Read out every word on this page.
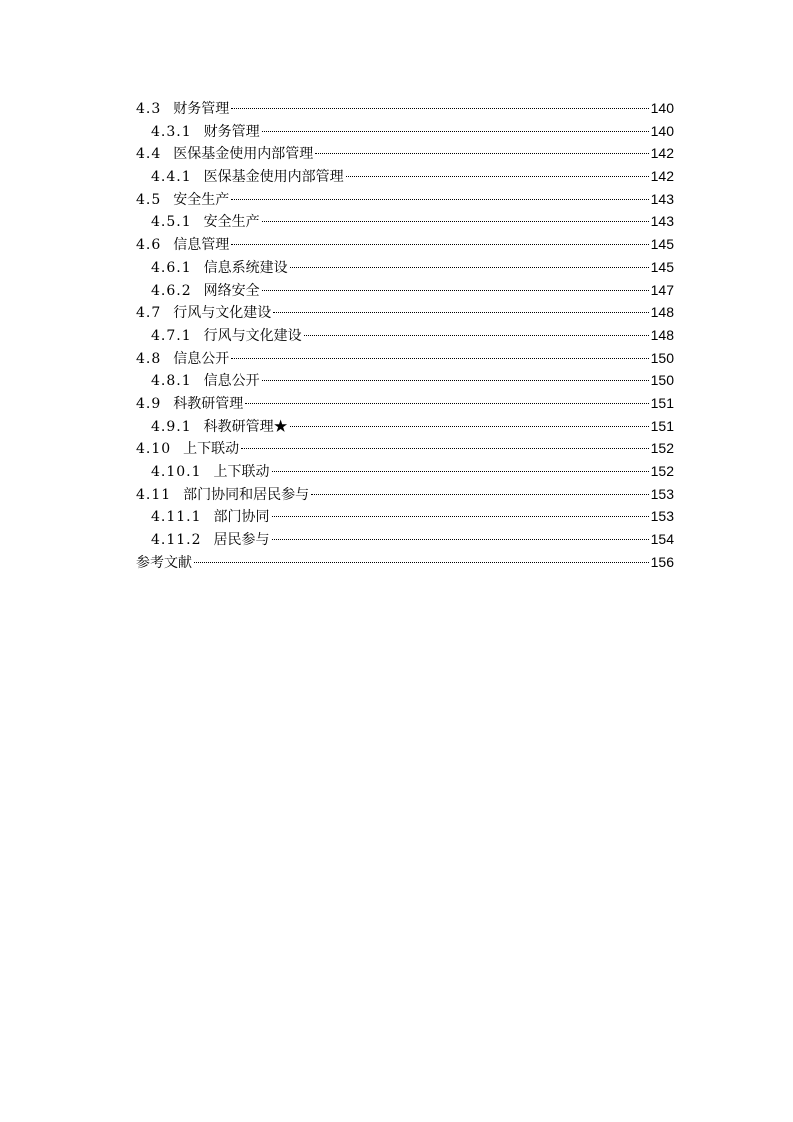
4.3 财务管理	140
4.3.1 财务管理	140
4.4 医保基金使用内部管理	142
4.4.1 医保基金使用内部管理	142
4.5 安全生产	143
4.5.1 安全生产	143
4.6 信息管理	145
4.6.1 信息系统建设	145
4.6.2 网络安全	147
4.7 行风与文化建设	148
4.7.1 行风与文化建设	148
4.8 信息公开	150
4.8.1 信息公开	150
4.9 科教研管理	151
4.9.1 科教研管理★	151
4.10 上下联动	152
4.10.1 上下联动	152
4.11 部门协同和居民参与	153
4.11.1 部门协同	153
4.11.2 居民参与	154
参考文献	156
